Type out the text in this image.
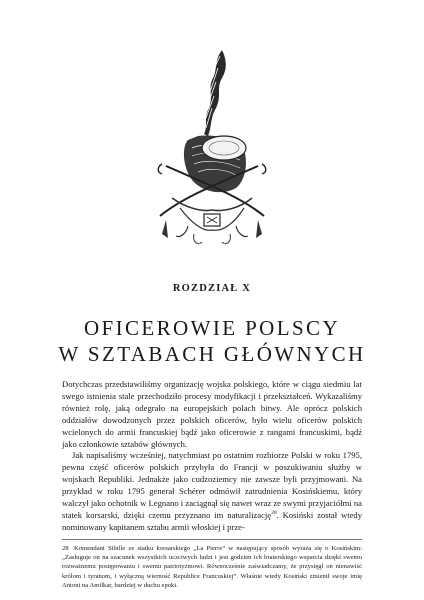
ROZDZIAŁ X
OFICEROWIE POLSCY
W SZTABACH GŁÓWNYCH

Dotychczas przedstawiliśmy organizację wojska polskiego, które w ciągu siedmiu lat swego istnienia stale przechodziło procesy modyfikacji i przekształceń. Wykazaliśmy również rolę, jaką odegrało na europejskich polach bitwy. Ale oprócz polskich oddziałów dowodzonych przez polskich oficerów, było wielu oficerów polskich wcielonych do armii francuskiej bądź jako oficerowie z rangami francuskimi, bądź jako członkowie sztabów głównych.

Jak napisaliśmy wcześniej, natychmiast po ostatnim rozbiorze Polski w roku 1795, pewna część oficerów polskich przybyła do Francji w poszukiwaniu służby w wojskach Republiki. Jednakże jako cudzoziemcy nie zawsze byli przyjmowani. Na przykład w roku 1795 generał Schérer odmówił zatrudnienia Kosińskiemu, który walczył jako ochotnik w Legnano i zaciągnął się nawet wraz ze swymi przyjaciółmi na statek korsarski, dzięki czemu przyznano im naturalizację$^{28}$. Kosiński został wtedy nominowany kapitanem sztabu armii włoskiej i prze-

28 Komendant Sibille ze statku korsarskiego „La Pierre” w następujący sposób wyraża się o Kosińskim: „Zasługuje on na szacunek wszystkich uczciwych ludzi i jest godzien ich braterskiego wsparcia dzięki swemu rozważnemu postępowaniu i swemu patriotyzmowi. Równocześnie zaświadczamy, że przysięgł on nienawiść królom i tyranom, i wyłączną wierność Republice Francuskiej”. Właśnie wtedy Kosiński zmienił swoje imię Antoni na Amilkar, bardziej w duchu epoki.
